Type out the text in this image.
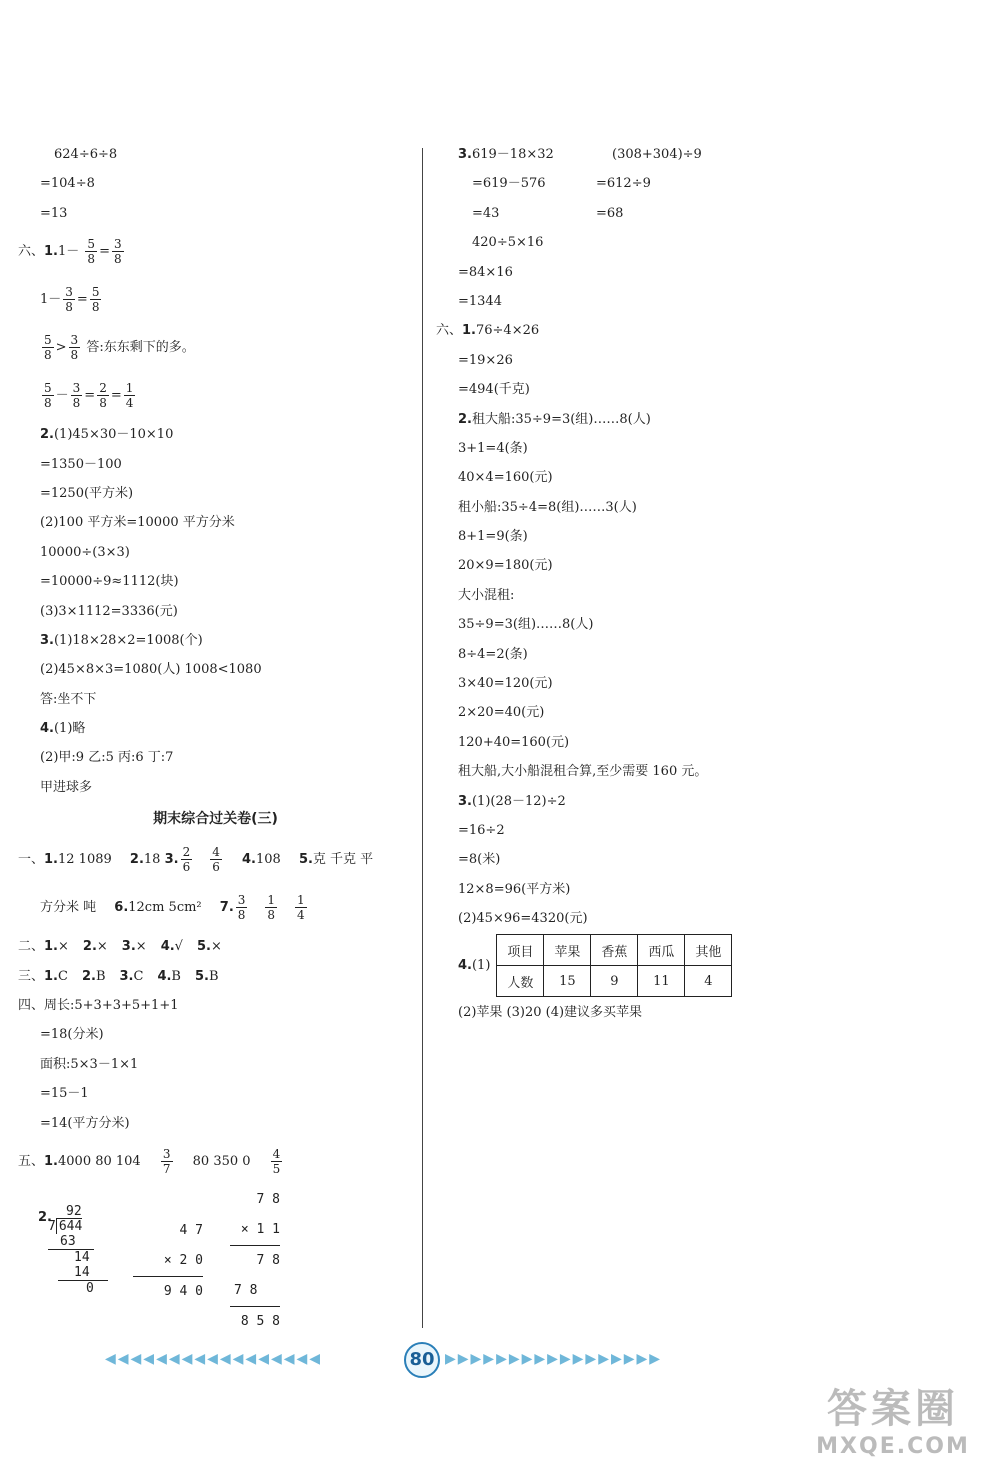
624÷6÷8
=104÷8
=13
六、$1.1- \frac{5}{8} = \frac{3}{8}$
$1- \frac{3}{8} = \frac{5}{8}$
$\frac{5}{8} > \frac{3}{8}$ 答:东东剩下的多。
$\frac{5}{8} - \frac{3}{8} = \frac{2}{8} = \frac{1}{4}$
2.(1)45×30－10×10
=1350－100
=1250(平方米)
(2)100 平方米=10000 平方分米
10000÷(3×3)
=10000÷9≈1112(块)
(3)3×1112=3336(元)
3.(1)18×28×2=1008(个)
(2)45×8×3=1080(人) 1008<1080
答:坐不下
4.(1)略
(2)甲:9 乙:5 丙:6 丁:7
甲进球多
期末综合过关卷(三)
一、1.12 1089 2.18 3. $\frac{2}{6} \frac{4}{6} 4.108$ 5.克 千克 平
方分米 吨 6.12cm 5cm² 7. $\frac{3}{8} \frac{1}{8} \frac{1}{4}$
二、1.× 2.× 3.× 4.√ 5.×
三、1.C 2.B 3.C 4.B 5.B
四、周长:5+3+3+5+1+1
=18(分米)
面积:5×3－1×1
=15－1
=14(平方分米)
五、1.4000 80 $104 \frac{3}{7} 80$ 350 $0 \frac{4}{5}$
2.	92
7 644
63
14
14
0
4 7
× 2 0
9 4 0
7 8
× 1 1
7 8
7 8
8 5 8
3.619－18×32	(308+304)÷9
=619－576	=612÷9
=43	=68
420÷5×16
=84×16
=1344
六、1.76÷4×26
=19×26
=494(千克)
2.租大船:35÷9=3(组)……8(人)
3+1=4(条)
40×4=160(元)
租小船:35÷4=8(组)……3(人)
8+1=9(条)
20×9=180(元)
大小混租:
35÷9=3(组)……8(人)
8÷4=2(条)
3×40=120(元)
2×20=40(元)
120+40=160(元)
租大船,大小船混租合算,至少需要 160 元。
3.(1)(28－12)÷2
=16÷2
=8(米)
12×8=96(平方米)
(2)45×96=4320(元)
4. (1)
项目	苹果	香蕉	西瓜	其他
人数	15	9	11	4
(2)苹果 (3)20 (4)建议多买苹果
◀◀◀◀◀◀◀◀◀◀◀◀◀◀◀◀◀	80 ▶▶▶▶▶▶▶▶▶▶▶▶▶▶▶▶▶
答案圈
MXQE.COM
